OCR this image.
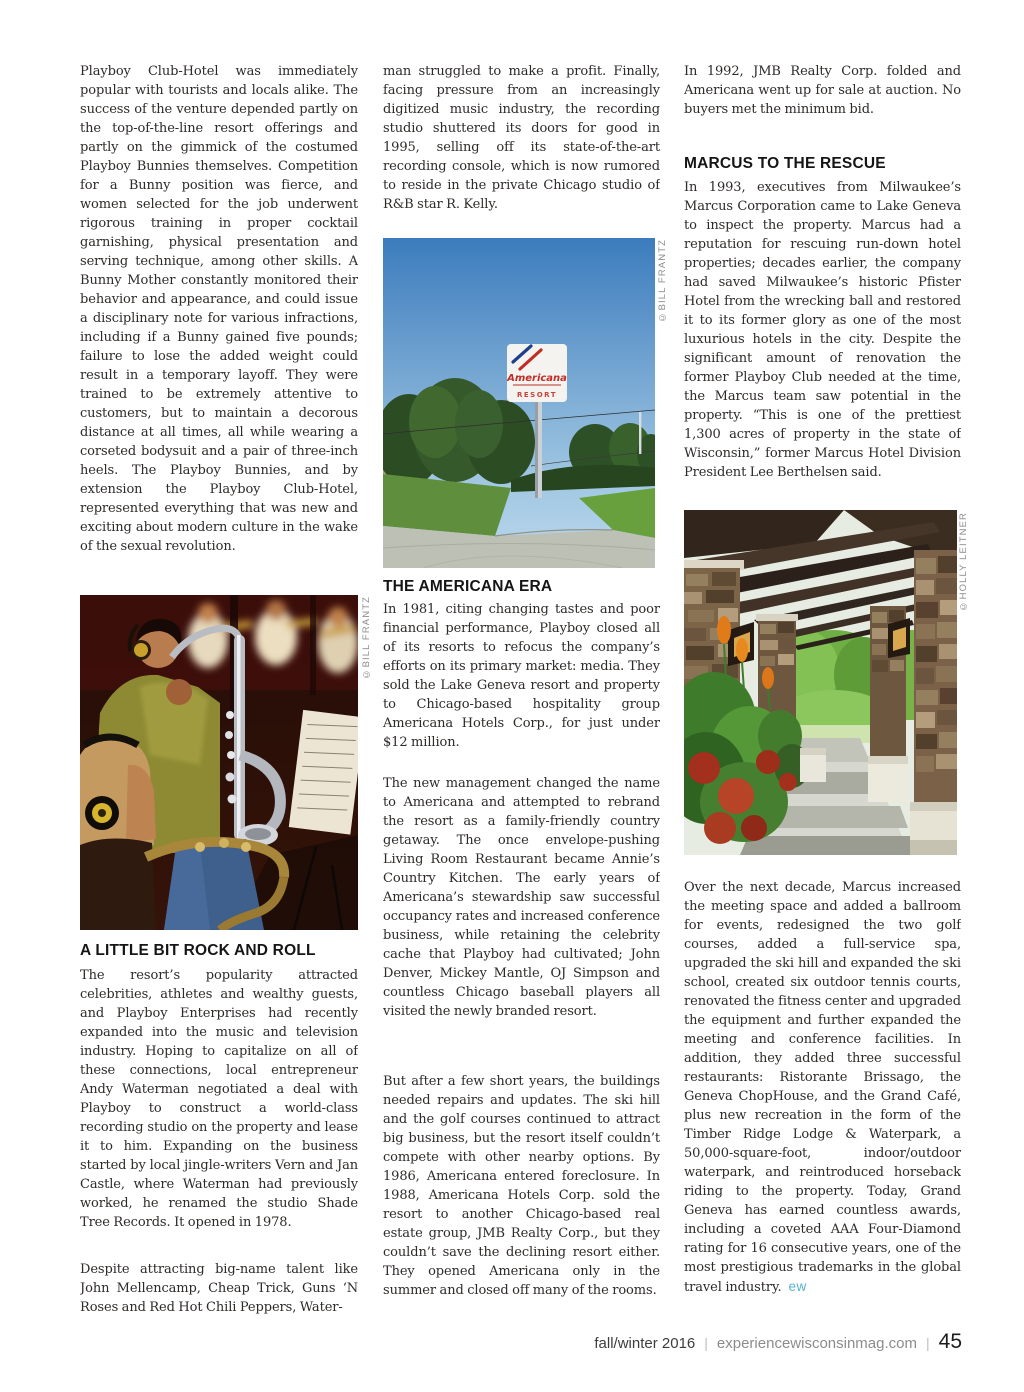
Playboy Club-Hotel was immediately popular with tourists and locals alike. The success of the venture depended partly on the top-of-the-line resort offerings and partly on the gimmick of the costumed Playboy Bunnies themselves. Competition for a Bunny position was fierce, and women selected for the job underwent rigorous training in proper cocktail garnishing, physical presentation and serving technique, among other skills. A Bunny Mother constantly monitored their behavior and appearance, and could issue a disciplinary note for various infractions, including if a Bunny gained five pounds; failure to lose the added weight could result in a temporary layoff. They were trained to be extremely attentive to customers, but to maintain a decorous distance at all times, all while wearing a corseted bodysuit and a pair of three-inch heels. The Playboy Bunnies, and by extension the Playboy Club-Hotel, represented everything that was new and exciting about modern culture in the wake of the sexual revolution.

©BILL FRANTZ
A LITTLE BIT ROCK AND ROLL

The resort’s popularity attracted celebrities, athletes and wealthy guests, and Playboy Enterprises had recently expanded into the music and television industry. Hoping to capitalize on all of these connections, local entrepreneur Andy Waterman negotiated a deal with Playboy to construct a world-class recording studio on the property and lease it to him. Expanding on the business started by local jingle-writers Vern and Jan Castle, where Waterman had previously worked, he renamed the studio Shade Tree Records. It opened in 1978.

Despite attracting big-name talent like John Mellencamp, Cheap Trick, Guns ‘N Roses and Red Hot Chili Peppers, Water-

man struggled to make a profit. Finally, facing pressure from an increasingly digitized music industry, the recording studio shuttered its doors for good in 1995, selling off its state-of-the-art recording console, which is now rumored to reside in the private Chicago studio of R&B star R. Kelly.

Americana
RESORT
©BILL FRANTZ
THE AMERICANA ERA

In 1981, citing changing tastes and poor financial performance, Playboy closed all of its resorts to refocus the company’s efforts on its primary market: media. They sold the Lake Geneva resort and property to Chicago-based hospitality group Americana Hotels Corp., for just under $12 million.

The new management changed the name to Americana and attempted to rebrand the resort as a family-friendly country getaway. The once envelope-pushing Living Room Restaurant became Annie’s Country Kitchen. The early years of Americana’s stewardship saw successful occupancy rates and increased conference business, while retaining the celebrity cache that Playboy had cultivated; John Denver, Mickey Mantle, OJ Simpson and countless Chicago baseball players all visited the newly branded resort.

But after a few short years, the buildings needed repairs and updates. The ski hill and the golf courses continued to attract big business, but the resort itself couldn’t compete with other nearby options. By 1986, Americana entered foreclosure. In 1988, Americana Hotels Corp. sold the resort to another Chicago-based real estate group, JMB Realty Corp., but they couldn’t save the declining resort either. They opened Americana only in the summer and closed off many of the rooms.

In 1992, JMB Realty Corp. folded and Americana went up for sale at auction. No buyers met the minimum bid.

MARCUS TO THE RESCUE

In 1993, executives from Milwaukee’s Marcus Corporation came to Lake Geneva to inspect the property. Marcus had a reputation for rescuing run-down hotel properties; decades earlier, the company had saved Milwaukee’s historic Pfister Hotel from the wrecking ball and restored it to its former glory as one of the most luxurious hotels in the city. Despite the significant amount of renovation the former Playboy Club needed at the time, the Marcus team saw potential in the property. “This is one of the prettiest 1,300 acres of property in the state of Wisconsin,” former Marcus Hotel Division President Lee Berthelsen said.

©HOLLY LEITNER

Over the next decade, Marcus increased the meeting space and added a ballroom for events, redesigned the two golf courses, added a full-service spa, upgraded the ski hill and expanded the ski school, created six outdoor tennis courts, renovated the fitness center and upgraded the equipment and further expanded the meeting and conference facilities. In addition, they added three successful restaurants: Ristorante Brissago, the Geneva ChopHouse, and the Grand Café, plus new recreation in the form of the Timber Ridge Lodge & Waterpark, a 50,000-square-foot, indoor/outdoor waterpark, and reintroduced horseback riding to the property. Today, Grand Geneva has earned countless awards, including a coveted AAA Four-Diamond rating for 16 consecutive years, one of the most prestigious trademarks in the global travel industry. ew

fall/winter 2016 | experiencewisconsinmag.com | 45
